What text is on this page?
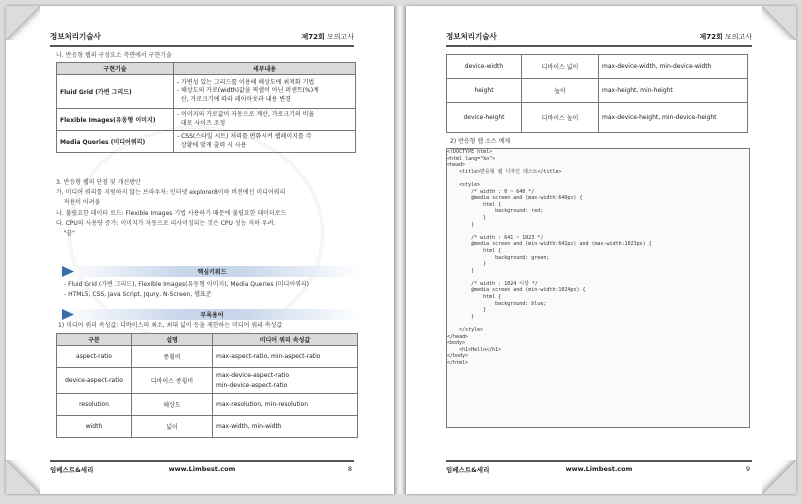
정보처리기술사	제72회 모의고사
나. 반응형 웹의 구성요소 측면에서 구현기술
구현기술	세부내용
Fluid Grid (가변 그리드)	- 가변성 있는 그리드를 이용해 해상도에 최적화 기법
- 해상도의 가로(width)값을 픽셀이 아닌 퍼센트(%)계
산, 가로크기에 따라 레이아웃과 내용 변경
Flexible Images(유동형 이미지)	- 이미지의 가로값이 자동으로 계산, 가로크기의 비율
대로 사이즈 조정
Media Queries (미디어쿼리)	- CSS(스타일 시트) 처리를 변화시켜 웹페이지를 각
상황에 맞게 출력 시 사용
3. 반응형 웹의 단점 및 개선방안
가. 미디어 쿼리를 지원하지 않는 브라우저: 인터넷 explorer8이하 버전에선 미디어쿼리
적용이 어려움
나. 불필요한 데이터 로드: Flexible Images 기법 사용하기 때문에 불필요한 데이터로드
다. CPU의 사용량 증가: 이미지가 자동으로 리사이징되는 것은 CPU 성능 저하 우려.
"끝"
핵심키워드
- Fluid Grid (가변 그리드), Flexible Images(유동형 이미지), Media Queries (미디어쿼리)
- HTML5, CSS, Java Script, Jqury, N-Screen, 웹표준
부록용어
1) 미디어 쿼리 속성값: 디바이스의 최소, 최대 넓이 등을 제한하는 미디어 쿼리 속성값
구분	설명	미디어 쿼리 속성값
aspect-ratio	종횡비	max-aspect-ratio, min-aspect-ratio
device-aspect-ratio	디바이스 종횡비	max-device-aspect-ratio
min-device-aspect-ratio
resolution	해상도	max-resolution, min-resolution
width	넓이	max-width, min-width
임베스트&세리	www.Limbest.com	8
정보처리기술사	제72회 모의고사
device-width	디바이스 넓이	max-device-width, min-device-width
height	높이	max-height, min-height
device-height	디바이스 높이	max-device-height, min-device-height
2) 반응형 웹 소스 예제
<!DOCTYPE html>
<html lang="ko">
<head>
<title>반응형 웹 디자인 테스트</title>

<style>
/* width : 0 ~ 640 */
@media screen and (max-width:640px) {
html {
background: red;
}
}

/* width : 641 ~ 1023 */
@media screen and (min-width:641px) and (max-width:1023px) {
html {
background: green;
}
}

/* width : 1024 이상 */
@media screen and (min-width:1024px) {
html {
background: blue;
}
}

</style>
</head>
<body>
<h1>Hello</h1>
</body>
</html>
임베스트&세리	www.Limbest.com	9
